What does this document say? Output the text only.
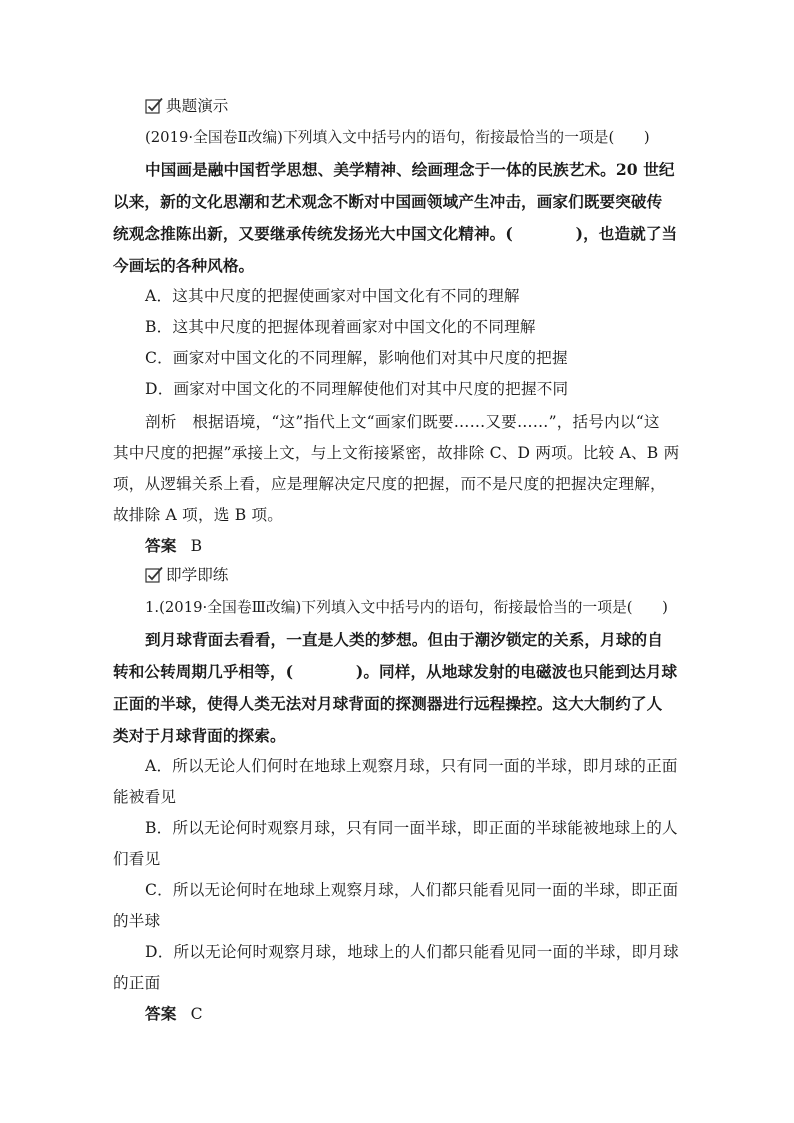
典题演示
(2019·全国卷Ⅱ改编)下列填入文中括号内的语句，衔接最恰当的一项是(　　)
中国画是融中国哲学思想、美学精神、绘画理念于一体的民族艺术。20 世纪
以来，新的文化思潮和艺术观念不断对中国画领域产生冲击，画家们既要突破传
统观念推陈出新，又要继承传统发扬光大中国文化精神。(　　　　)，也造就了当
今画坛的各种风格。
A．这其中尺度的把握使画家对中国文化有不同的理解
B．这其中尺度的把握体现着画家对中国文化的不同理解
C．画家对中国文化的不同理解，影响他们对其中尺度的把握
D．画家对中国文化的不同理解使他们对其中尺度的把握不同
剖析　根据语境，“这”指代上文“画家们既要……又要……”，括号内以“这
其中尺度的把握”承接上文，与上文衔接紧密，故排除 C、D 两项。比较 A、B 两
项，从逻辑关系上看，应是理解决定尺度的把握，而不是尺度的把握决定理解，
故排除 A 项，选 B 项。
答案 B
即学即练
1.(2019·全国卷Ⅲ改编)下列填入文中括号内的语句，衔接最恰当的一项是(　　)
到月球背面去看看，一直是人类的梦想。但由于潮汐锁定的关系，月球的自
转和公转周期几乎相等，(　　　　)。同样，从地球发射的电磁波也只能到达月球
正面的半球，使得人类无法对月球背面的探测器进行远程操控。这大大制约了人
类对于月球背面的探索。
A．所以无论人们何时在地球上观察月球，只有同一面的半球，即月球的正面
能被看见
B．所以无论何时观察月球，只有同一面半球，即正面的半球能被地球上的人
们看见
C．所以无论何时在地球上观察月球，人们都只能看见同一面的半球，即正面
的半球
D．所以无论何时观察月球，地球上的人们都只能看见同一面的半球，即月球
的正面
答案 C
